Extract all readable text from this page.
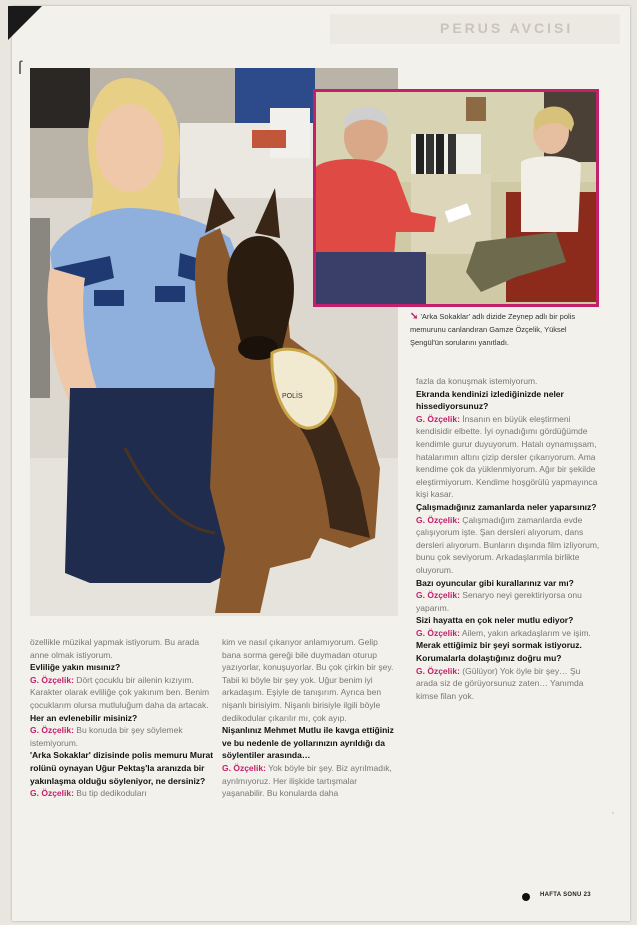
PERUS AVCISI
ſ
POLİS
➘ 'Arka Sokaklar' adlı dizide Zeynep adlı bir polis memurunu canlandıran Gamze Özçelik, Yüksel Şengül'ün sorularını yanıtladı.

özellikle müzikal yapmak istiyorum. Bu arada anne olmak istiyorum.

Evliliğe yakın mısınız?

G. Özçelik: Dört çocuklu bir ailenin kızıyım. Karakter olarak evliliğe çok yakınım ben. Benim çocuklarım olursa mutluluğum daha da artacak.

Her an evlenebilir misiniz?

G. Özçelik: Bu konuda bir şey söylemek istemiyorum.

'Arka Sokaklar' dizisinde polis memuru Murat rolünü oynayan Uğur Pektaş'la aranızda bir yakınlaşma olduğu söyleniyor, ne dersiniz?

G. Özçelik: Bu tip dedikoduları

kim ve nasıl çıkarıyor anlamıyorum. Gelip bana sorma gereği bile duymadan oturup yazıyorlar, konuşuyorlar. Bu çok çirkin bir şey. Tabii ki böyle bir şey yok. Uğur benim iyi arkadaşım. Eşiyle de tanışırım. Ayrıca ben nişanlı birisiyim. Nişanlı birisiyle ilgili böyle dedikodular çıkarılır mı, çok ayıp.

Nişanlınız Mehmet Mutlu ile kavga ettiğiniz ve bu nedenle de yollarınızın ayrıldığı da söylentiler arasında…

G. Özçelik: Yok böyle bir şey. Biz ayrılmadık, ayrılmıyoruz. Her ilişkide tartışmalar yaşanabilir. Bu konularda daha

fazla da konuşmak istemiyorum.

Ekranda kendinizi izlediğinizde neler hissediyorsunuz?

G. Özçelik: İnsanın en büyük eleştirmeni kendisidir elbette. İyi oynadığımı gördüğümde kendimle gurur duyuyorum. Hatalı oynamışsam, hatalarımın altını çizip dersler çıkarıyorum. Ama kendime çok da yüklenmiyorum. Ağır bir şekilde eleştirmiyorum. Kendime hoşgörülü yapmayınca kişi kasar.

Çalışmadığınız zamanlarda neler yaparsınız?

G. Özçelik: Çalışmadığım zamanlarda evde çalışıyorum işte. Şan dersleri alıyorum, dans dersleri alıyorum. Bunların dışında film izliyorum, bunu çok seviyorum. Arkadaşlarımla birlikte oluyorum.

Bazı oyuncular gibi kurallarınız var mı?

G. Özçelik: Senaryo neyi gerektiriyorsa onu yaparım.

Sizi hayatta en çok neler mutlu ediyor?

G. Özçelik: Ailem, yakın arkadaşlarım ve işim.

Merak ettiğimiz bir şeyi sormak istiyoruz. Korumalarla dolaştığınız doğru mu?

G. Özçelik: (Gülüyor) Yok öyle bir şey… Şu arada siz de görüyorsunuz zaten… Yanımda kimse filan yok.

HAFTA SONU 23
‚
